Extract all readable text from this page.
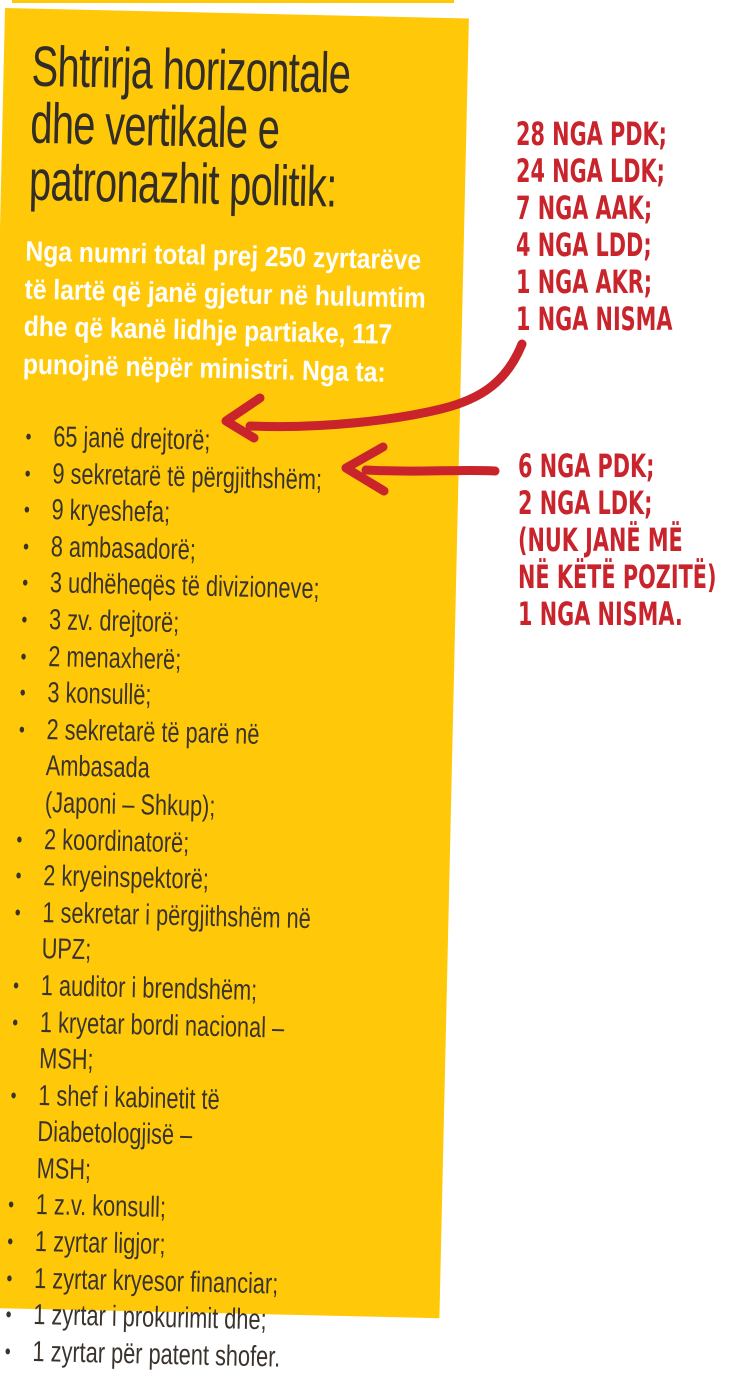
Shtrirja horizontale
dhe vertikale e
patronazhit politik:
Nga numri total prej 250 zyrtarëve
të lartë që janë gjetur në hulumtim
dhe që kanë lidhje partiake, 117
punojnë nëpër ministri. Nga ta:
65 janë drejtorë;
9 sekretarë të përgjithshëm;
9 kryeshefa;
8 ambasadorë;
3 udhëheqës të divizioneve;
3 zv. drejtorë;
2 menaxherë;
3 konsullë;
2 sekretarë të parë në Ambasada
(Japoni – Shkup);
2 koordinatorë;
2 kryeinspektorë;
1 sekretar i përgjithshëm në UPZ;
1 auditor i brendshëm;
1 kryetar bordi nacional – MSH;
1 shef i kabinetit të Diabetologjisë –
MSH;
1 z.v. konsull;
1 zyrtar ligjor;
1 zyrtar kryesor financiar;
1 zyrtar i prokurimit dhe;
1 zyrtar për patent shofer.
28 NGA PDK;
24 NGA LDK;
7 NGA AAK;
4 NGA LDD;
1 NGA AKR;
1 NGA NISMA
6 NGA PDK;
2 NGA LDK;
(NUK JANË MË
NË KËTË POZITË)
1 NGA NISMA.
